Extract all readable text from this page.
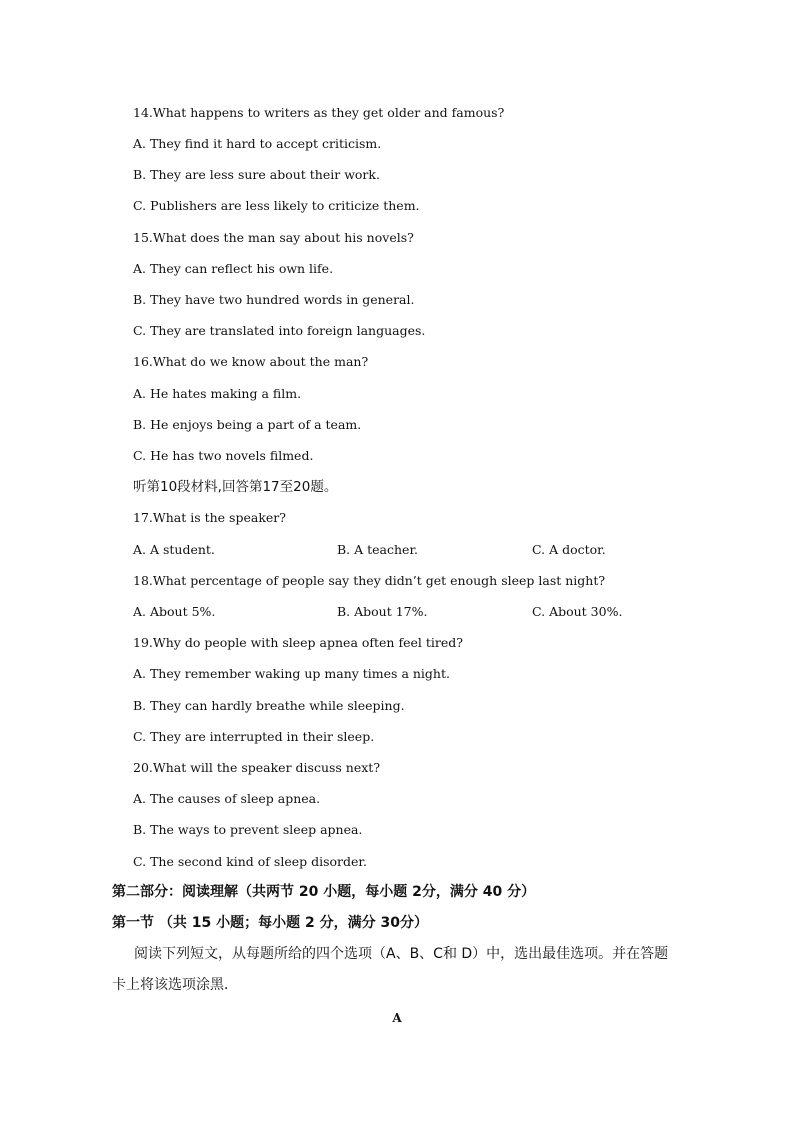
14.What happens to writers as they get older and famous?
A. They find it hard to accept criticism.
B. They are less sure about their work.
C. Publishers are less likely to criticize them.
15.What does the man say about his novels?
A. They can reflect his own life.
B. They have two hundred words in general.
C. They are translated into foreign languages.
16.What do we know about the man?
A. He hates making a film.
B. He enjoys being a part of a team.
C. He has two novels filmed.
听第10段材料,回答第17至20题。
17.What is the speaker?
A. A student.	B. A teacher.	C. A doctor.
18.What percentage of people say they didn’t get enough sleep last night?
A. About 5%.	B. About 17%.	C. About 30%.
19.Why do people with sleep apnea often feel tired?
A. They remember waking up many times a night.
B. They can hardly breathe while sleeping.
C. They are interrupted in their sleep.
20.What will the speaker discuss next?
A. The causes of sleep apnea.
B. The ways to prevent sleep apnea.
C. The second kind of sleep disorder.
第二部分：阅读理解（共两节 20 小题，每小题 2分，满分 40 分）
第一节 （共 15 小题；每小题 2 分，满分 30分）
阅读下列短文，从每题所给的四个选项（A、B、C和 D）中，选出最佳选项。并在答题卡上将该选项涂黑．
A
